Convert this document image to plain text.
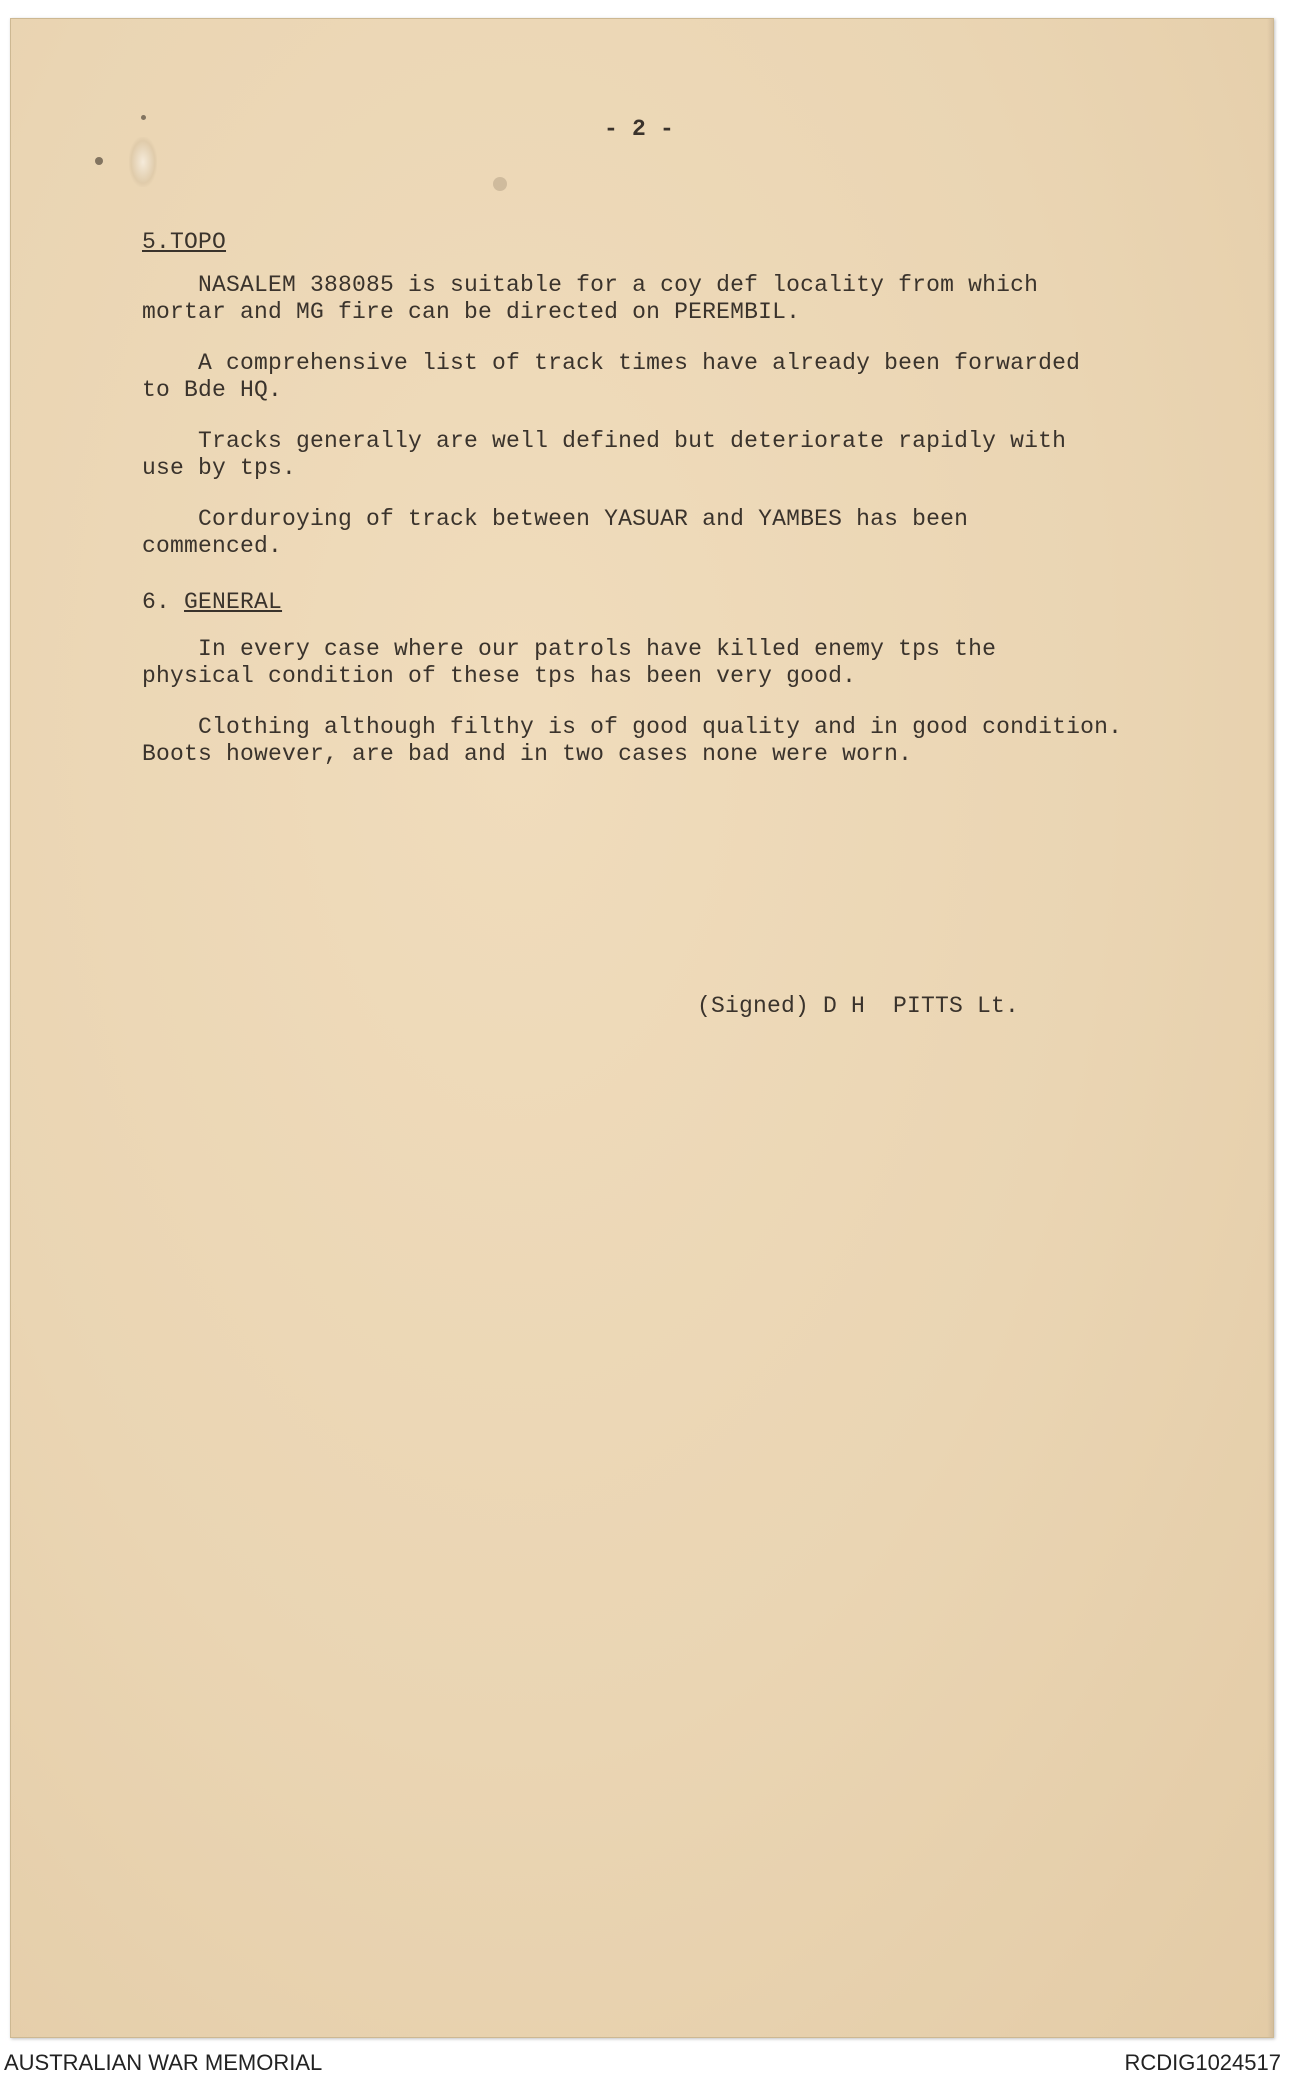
- 2 -
5.TOPO
NASALEM 388085 is suitable for a coy def locality from which
mortar and MG fire can be directed on PEREMBIL.
A comprehensive list of track times have already been forwarded
to Bde HQ.
Tracks generally are well defined but deteriorate rapidly with
use by tps.
Corduroying of track between YASUAR and YAMBES has been
commenced.
6. GENERAL
In every case where our patrols have killed enemy tps the
physical condition of these tps has been very good.
Clothing although filthy is of good quality and in good condition.
Boots however, are bad and in two cases none were worn.
(Signed) D H  PITTS Lt.
AUSTRALIAN WAR MEMORIAL	RCDIG1024517
